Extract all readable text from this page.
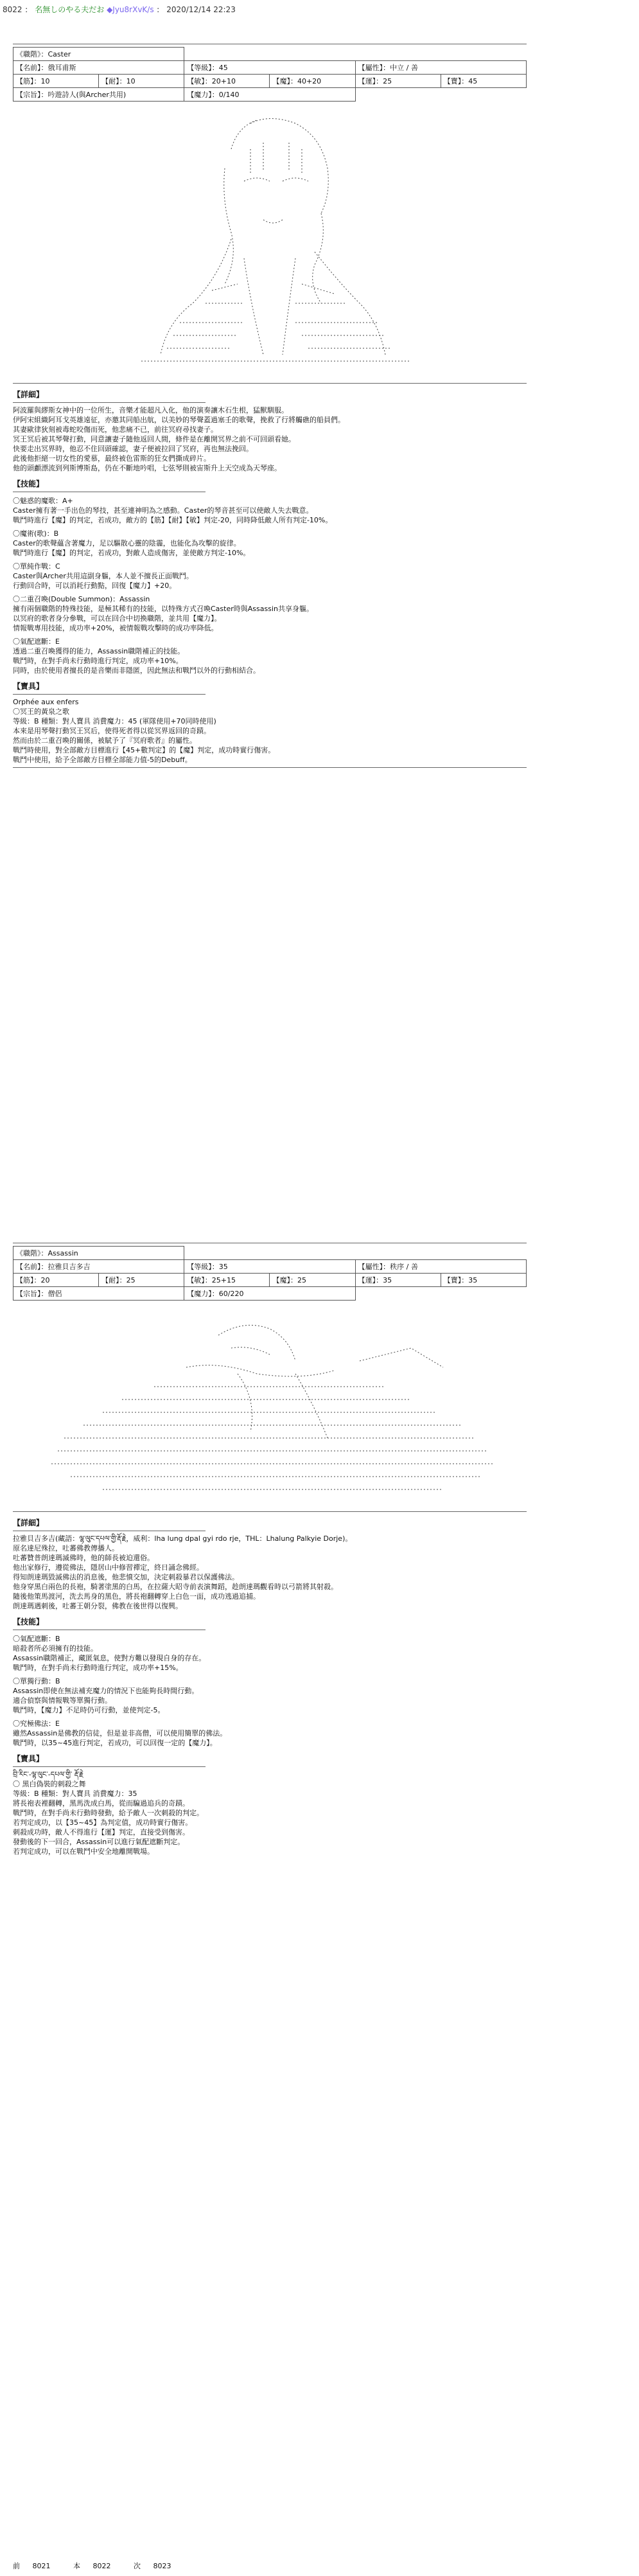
8022 ： 名無しのやる夫だお ◆Jyu8rXvK/s ： 2020/12/14 22:23
《職階》：Caster					
【名前】：俄耳甫斯		【等級】：45		【屬性】：中立 / 善	
【筋】：10	【耐】：10	【敏】：20+10	【魔】：40+20	【運】：25	【寶】：45
【宗旨】：吟遊詩人(與Archer共用)		【魔力】：0/140			
【詳細】

阿波羅與繆斯女神中的一位所生，音樂才能超凡入化，他的演奏讓木石生根，猛獸馴服。
伊阿宋組織阿耳戈英雄遠征，亦邀其同船出航，以美妙的琴聲蓋過塞壬的歌聲，挽救了行將觸礁的船員們。
其妻歐律狄刻被毒蛇咬傷而死，他悲痛不已，前往冥府尋找妻子。
冥王冥后被其琴聲打動，同意讓妻子隨他返回人間，條件是在離開冥界之前不可回頭看她。
快要走出冥界時，他忍不住回頭確認，妻子便被拉回了冥府，再也無法挽回。
此後他拒絕一切女性的愛慕，最終被色雷斯的狂女們撕成碎片。
他的頭顱漂流到列斯博斯島，仍在不斷地吟唱，七弦琴則被宙斯升上天空成為天琴座。

【技能】
〇魅惑的魔歌：A+

Caster擁有著一手出色的琴技，甚至連神明為之感動。Caster的琴音甚至可以使敵人失去戰意。
戰鬥時進行【魔】的判定，若成功，敵方的【筋】【耐】【敏】判定-20，同時降低敵人所有判定-10%。

〇魔術(歌)：B

Caster的歌聲蘊含著魔力，足以驅散心靈的陰霾，也能化為攻擊的旋律。
戰鬥時進行【魔】的判定，若成功，對敵人造成傷害，並使敵方判定-10%。

〇單純作戰：C

Caster與Archer共用這副身軀，本人並不擅長正面戰鬥。
行動回合時，可以消耗行動點，回復【魔力】+20。

〇二重召喚(Double Summon)：Assassin

擁有兩個職階的特殊技能，是極其稀有的技能，以特殊方式召喚Caster時與Assassin共享身軀。
以冥府的歌者身分參戰，可以在回合中切換職階，並共用【魔力】。
情報戰專用技能，成功率+20%，被情報戰攻擊時的成功率降低。

〇氣配遮斷：E

透過二重召喚獲得的能力，Assassin職階補正的技能。
戰鬥時，在對手尚未行動時進行判定，成功率+10%。
同時，由於使用者擅長的是音樂而非隱匿，因此無法和戰鬥以外的行動相結合。

【寶具】
Orphée aux enfers
〇冥王的黃泉之歌
等級：B 種類：對人寶具 消費魔力：45 (軍隊使用+70同時使用)

本來是用琴聲打動冥王冥后，使得死者得以從冥界返回的奇蹟。
然而由於二重召喚的關係，被賦予了『冥府歌者』的屬性。
戰鬥時使用，對全部敵方目標進行【45+數判定】的【魔】判定，成功時實行傷害。
戰鬥中使用，給予全部敵方目標全部能力值-5的Debuff。

《職階》：Assassin					
【名前】：拉雅貝吉多吉		【等級】：35		【屬性】：秩序 / 善	
【筋】：20	【耐】：25	【敏】：25+15	【魔】：25	【運】：35	【寶】：35
【宗旨】：僧侶		【魔力】：60/220			
【詳細】

拉雅貝吉多吉(藏語：ལྷ་ལུང་དཔལ་གྱི་རྡོ་རྗེ，威利：lha lung dpal gyi rdo rje，THL：Lhalung Palkyie Dorje)。
原名達尼殊拉，吐蕃佛教傳播人。
吐蕃贊普朗達瑪滅佛時，他的師長被迫還俗。
他出家修行，遵從佛法，隱居山中修習禪定，終日誦念佛經。
得知朗達瑪毀滅佛法的消息後，他悲憤交加，決定刺殺暴君以保護佛法。
他身穿黑白兩色的長袍，騎著塗黑的白馬，在拉薩大昭寺前表演舞蹈，趁朗達瑪觀看時以弓箭將其射殺。
隨後他策馬渡河，洗去馬身的黑色，將長袍翻轉穿上白色一面，成功逃過追捕。
朗達瑪遇刺後，吐蕃王朝分裂，佛教在後世得以復興。

【技能】
〇氣配遮斷：B

暗殺者所必須擁有的技能。
Assassin職階補正，藏匿氣息，使對方難以發現自身的存在。
戰鬥時，在對手尚未行動時進行判定，成功率+15%。

〇單獨行動：B

Assassin即使在無法補充魔力的情況下也能夠長時間行動。
適合偵察與情報戰等單獨行動。
戰鬥時，【魔力】不足時仍可行動，並使判定-5。

〇究極佛法：E

雖然Assassin是佛教的信徒，但是並非高僧，可以使用簡單的佛法。
戰鬥時，以35~45進行判定，若成功，可以回復一定的【魔力】。

【寶具】
བྲི་རིང་-ལྷ་ལུང་-དཔལ་གྱི་ རྡོ་རྗེ
〇 黑白偽裝的刺殺之舞
等級：B 種類：對人寶具 消費魔力：35

將長袍表裡翻轉，黑馬洗成白馬，從而騙過追兵的奇蹟。
戰鬥時，在對手尚未行動時發動，給予敵人一次刺殺的判定。
若判定成功，以【35~45】為判定值，成功時實行傷害。
刺殺成功時，敵人不得進行【運】判定，直接受到傷害。
發動後的下一回合，Assassin可以進行氣配遮斷判定。
若判定成功，可以在戰鬥中安全地離開戰場。

前 8021	本 8022	次 8023
